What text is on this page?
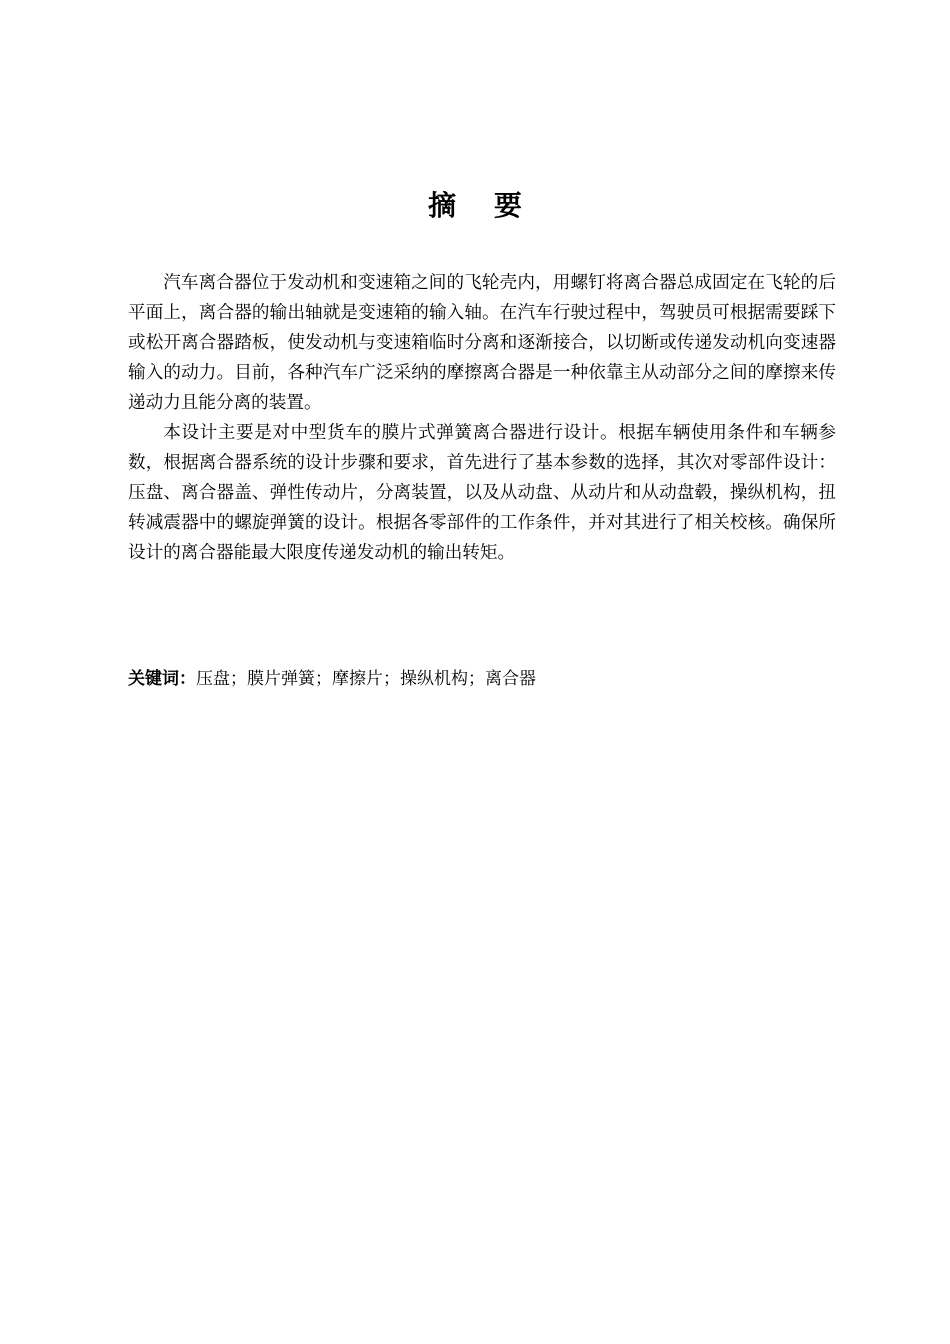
摘 要

汽车离合器位于发动机和变速箱之间的飞轮壳内，用螺钉将离合器总成固定在飞轮的后平面上，离合器的输出轴就是变速箱的输入轴。在汽车行驶过程中，驾驶员可根据需要踩下或松开离合器踏板，使发动机与变速箱临时分离和逐渐接合，以切断或传递发动机向变速器输入的动力。目前，各种汽车广泛采纳的摩擦离合器是一种依靠主从动部分之间的摩擦来传递动力且能分离的装置。

本设计主要是对中型货车的膜片式弹簧离合器进行设计。根据车辆使用条件和车辆参数，根据离合器系统的设计步骤和要求，首先进行了基本参数的选择，其次对零部件设计：压盘、离合器盖、弹性传动片，分离装置，以及从动盘、从动片和从动盘毂，操纵机构，扭转减震器中的螺旋弹簧的设计。根据各零部件的工作条件，并对其进行了相关校核。确保所设计的离合器能最大限度传递发动机的输出转矩。

关键词：压盘；膜片弹簧；摩擦片；操纵机构；离合器
